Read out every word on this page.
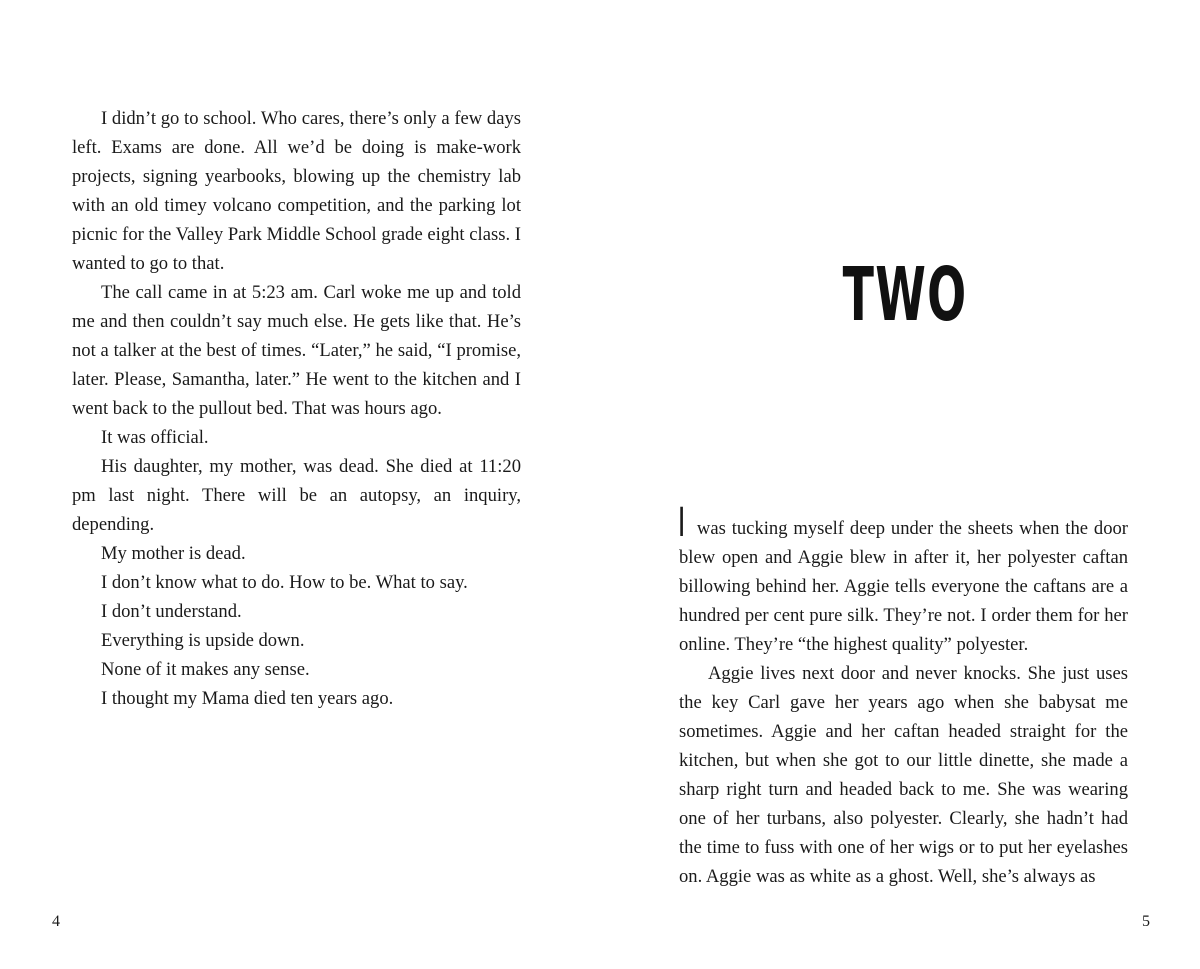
I didn’t go to school. Who cares, there’s only a few days left. Exams are done. All we’d be doing is make-work projects, signing yearbooks, blowing up the chemistry lab with an old timey volcano competition, and the parking lot picnic for the Valley Park Middle School grade eight class. I wanted to go to that.

The call came in at 5:23 am. Carl woke me up and told me and then couldn’t say much else. He gets like that. He’s not a talker at the best of times. “Later,” he said, “I promise, later. Please, Samantha, later.” He went to the kitchen and I went back to the pullout bed. That was hours ago.

It was official.

His daughter, my mother, was dead. She died at 11:20 pm last night. There will be an autopsy, an inquiry, depending.

My mother is dead.

I don’t know what to do. How to be. What to say.

I don’t understand.

Everything is upside down.

None of it makes any sense.

I thought my Mama died ten years ago.

4
TWO

I was tucking myself deep under the sheets when the door blew open and Aggie blew in after it, her polyester caftan billowing behind her. Aggie tells everyone the caftans are a hundred per cent pure silk. They’re not. I order them for her online. They’re “the highest quality” polyester.

Aggie lives next door and never knocks. She just uses the key Carl gave her years ago when she babysat me sometimes. Aggie and her caftan headed straight for the kitchen, but when she got to our little dinette, she made a sharp right turn and headed back to me. She was wearing one of her turbans, also polyester. Clearly, she hadn’t had the time to fuss with one of her wigs or to put her eyelashes on. Aggie was as white as a ghost. Well, she’s always as

5
